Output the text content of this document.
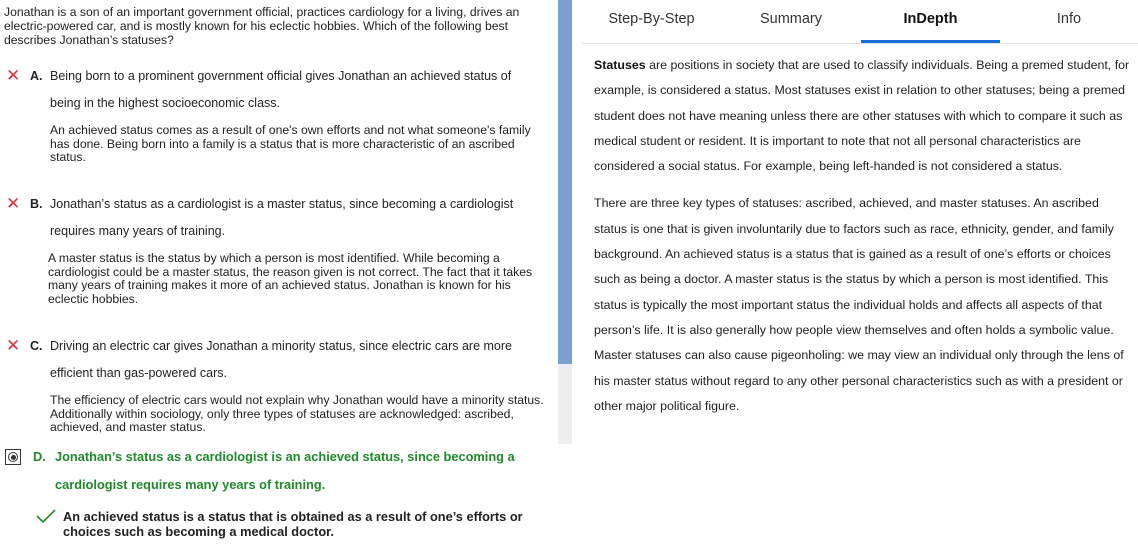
Jonathan is a son of an important government official, practices cardiology for a living, drives an electric-powered car, and is mostly known for his eclectic hobbies. Which of the following best describes Jonathan’s statuses?
✕ A. Being born to a prominent government official gives Jonathan an achieved status of being in the highest socioeconomic class.
An achieved status comes as a result of one's own efforts and not what someone's family has done. Being born into a family is a status that is more characteristic of an ascribed status.
✕ B. Jonathan’s status as a cardiologist is a master status, since becoming a cardiologist requires many years of training.
A master status is the status by which a person is most identified. While becoming a cardiologist could be a master status, the reason given is not correct. The fact that it takes many years of training makes it more of an achieved status. Jonathan is known for his eclectic hobbies.
✕ C. Driving an electric car gives Jonathan a minority status, since electric cars are more efficient than gas-powered cars.
The efficiency of electric cars would not explain why Jonathan would have a minority status. Additionally within sociology, only three types of statuses are acknowledged: ascribed, achieved, and master status.
D. Jonathan’s status as a cardiologist is an achieved status, since becoming a cardiologist requires many years of training.
An achieved status is a status that is obtained as a result of one’s efforts or choices such as becoming a medical doctor.
Step-By-Step	Summary	InDepth	Info

Statuses are positions in society that are used to classify individuals. Being a premed student, for example, is considered a status. Most statuses exist in relation to other statuses; being a premed student does not have meaning unless there are other statuses with which to compare it such as medical student or resident. It is important to note that not all personal characteristics are considered a social status. For example, being left-handed is not considered a status.

There are three key types of statuses: ascribed, achieved, and master statuses. An ascribed status is one that is given involuntarily due to factors such as race, ethnicity, gender, and family background. An achieved status is a status that is gained as a result of one’s efforts or choices such as being a doctor. A master status is the status by which a person is most identified. This status is typically the most important status the individual holds and affects all aspects of that person’s life. It is also generally how people view themselves and often holds a symbolic value. Master statuses can also cause pigeonholing: we may view an individual only through the lens of his master status without regard to any other personal characteristics such as with a president or other major political figure.
